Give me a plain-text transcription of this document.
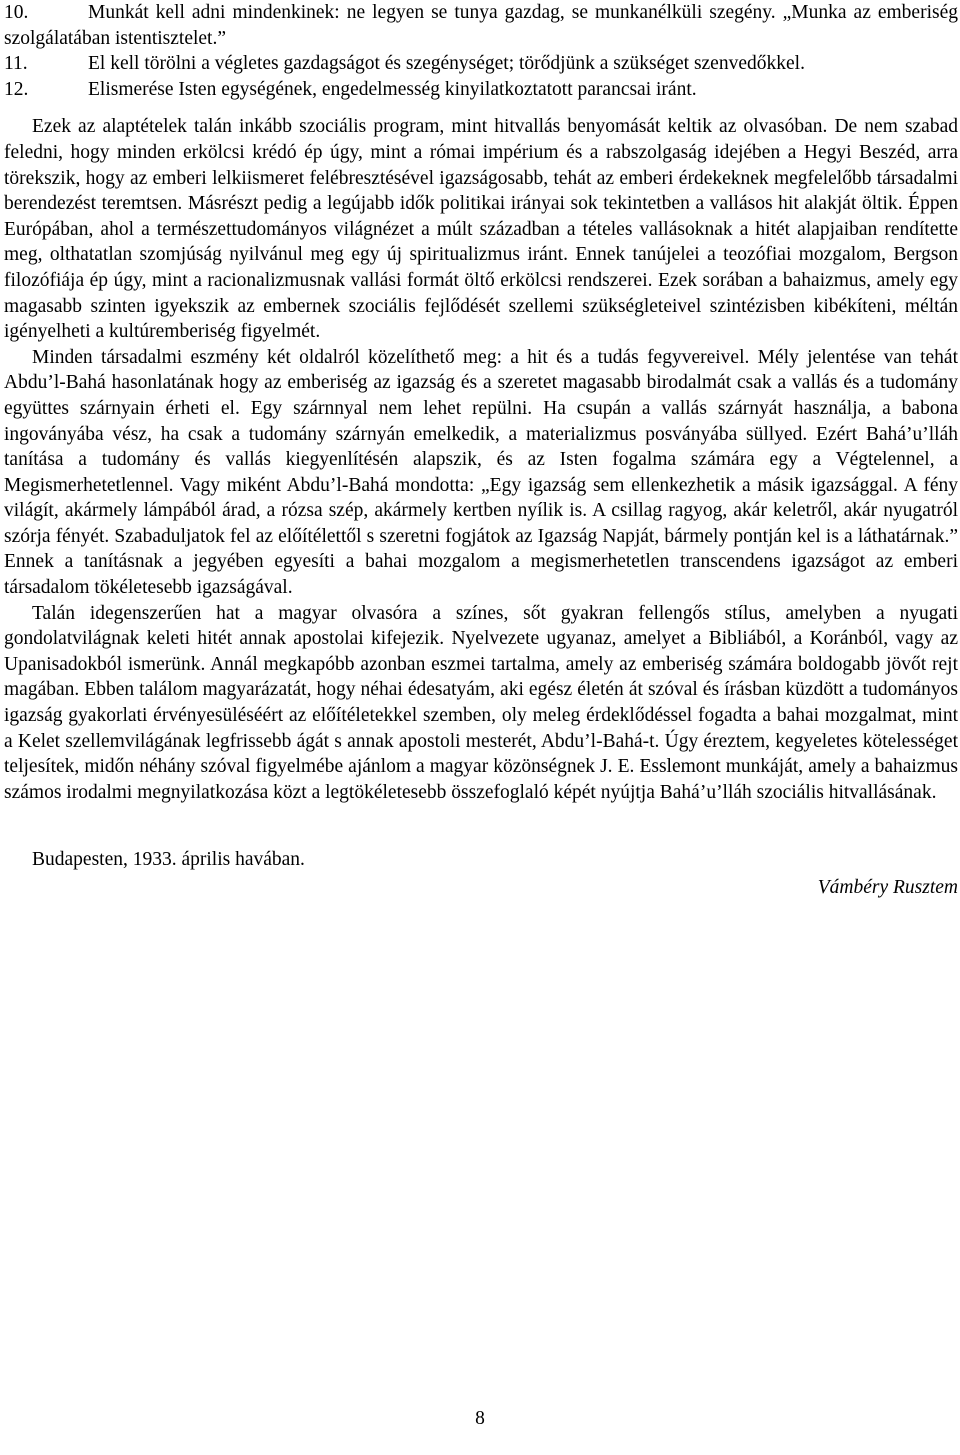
10.	Munkát kell adni mindenkinek: ne legyen se tunya gazdag, se munkanélküli szegény. „Munka az emberiség szolgálatában istentisztelet.”

11.	El kell törölni a végletes gazdagságot és szegénységet; törődjünk a szükséget szenvedőkkel.

12.	Elismerése Isten egységének, engedelmesség kinyilatkoztatott parancsai iránt.

Ezek az alaptételek talán inkább szociális program, mint hitvallás benyomását keltik az olvasóban. De nem szabad feledni, hogy minden erkölcsi krédó ép úgy, mint a római impérium és a rabszolgaság idejében a Hegyi Beszéd, arra törekszik, hogy az emberi lelkiismeret felébresztésével igazságosabb, tehát az emberi érdekeknek megfelelőbb társadalmi berendezést teremtsen. Másrészt pedig a legújabb idők politikai irányai sok tekintetben a vallásos hit alakját öltik. Éppen Európában, ahol a természettudományos világnézet a múlt században a tételes vallásoknak a hitét alapjaiban rendítette meg, olthatatlan szomjúság nyilvánul meg egy új spiritualizmus iránt. Ennek tanújelei a teozófiai mozgalom, Bergson filozófiája ép úgy, mint a racionalizmusnak vallási formát öltő erkölcsi rendszerei. Ezek sorában a bahaizmus, amely egy magasabb szinten igyekszik az embernek szociális fejlődését szellemi szükségleteivel szintézisben kibékíteni, méltán igényelheti a kultúremberiség figyelmét.

Minden társadalmi eszmény két oldalról közelíthető meg: a hit és a tudás fegyvereivel. Mély jelentése van tehát Abdu’l-Bahá hasonlatának hogy az emberiség az igazság és a szeretet magasabb birodalmát csak a vallás és a tudomány együttes szárnyain érheti el. Egy szárnnyal nem lehet repülni. Ha csupán a vallás szárnyát használja, a babona ingoványába vész, ha csak a tudomány szárnyán emelkedik, a materializmus posványába süllyed. Ezért Bahá’u’lláh tanítása a tudomány és vallás kiegyenlítésén alapszik, és az Isten fogalma számára egy a Végtelennel, a Megismerhetetlennel. Vagy miként Abdu’l-Bahá mondotta: „Egy igazság sem ellenkezhetik a másik igazsággal. A fény világít, akármely lámpából árad, a rózsa szép, akármely kertben nyílik is. A csillag ragyog, akár keletről, akár nyugatról szórja fényét. Szabaduljatok fel az előítélettől s szeretni fogjátok az Igazság Napját, bármely pontján kel is a láthatárnak.” Ennek a tanításnak a jegyében egyesíti a bahai mozgalom a megismerhetetlen transcendens igazságot az emberi társadalom tökéletesebb igazságával.

Talán idegenszerűen hat a magyar olvasóra a színes, sőt gyakran fellengős stílus, amelyben a nyugati gondolatvilágnak keleti hitét annak apostolai kifejezik. Nyelvezete ugyanaz, amelyet a Bibliából, a Koránból, vagy az Upanisadokból ismerünk. Annál megkapóbb azonban eszmei tartalma, amely az emberiség számára boldogabb jövőt rejt magában. Ebben találom magyarázatát, hogy néhai édesatyám, aki egész életén át szóval és írásban küzdött a tudományos igazság gyakorlati érvényesüléséért az előítéletekkel szemben, oly meleg érdeklődéssel fogadta a bahai mozgalmat, mint a Kelet szellemvilágának legfrissebb ágát s annak apostoli mesterét, Abdu’l-Bahá-t. Úgy éreztem, kegyeletes kötelességet teljesítek, midőn néhány szóval figyelmébe ajánlom a magyar közönségnek J. E. Esslemont munkáját, amely a bahaizmus számos irodalmi megnyilatkozása közt a legtökéletesebb összefoglaló képét nyújtja Bahá’u’lláh szociális hitvallásának.

Budapesten, 1933. április havában.

Vámbéry Rusztem

8
